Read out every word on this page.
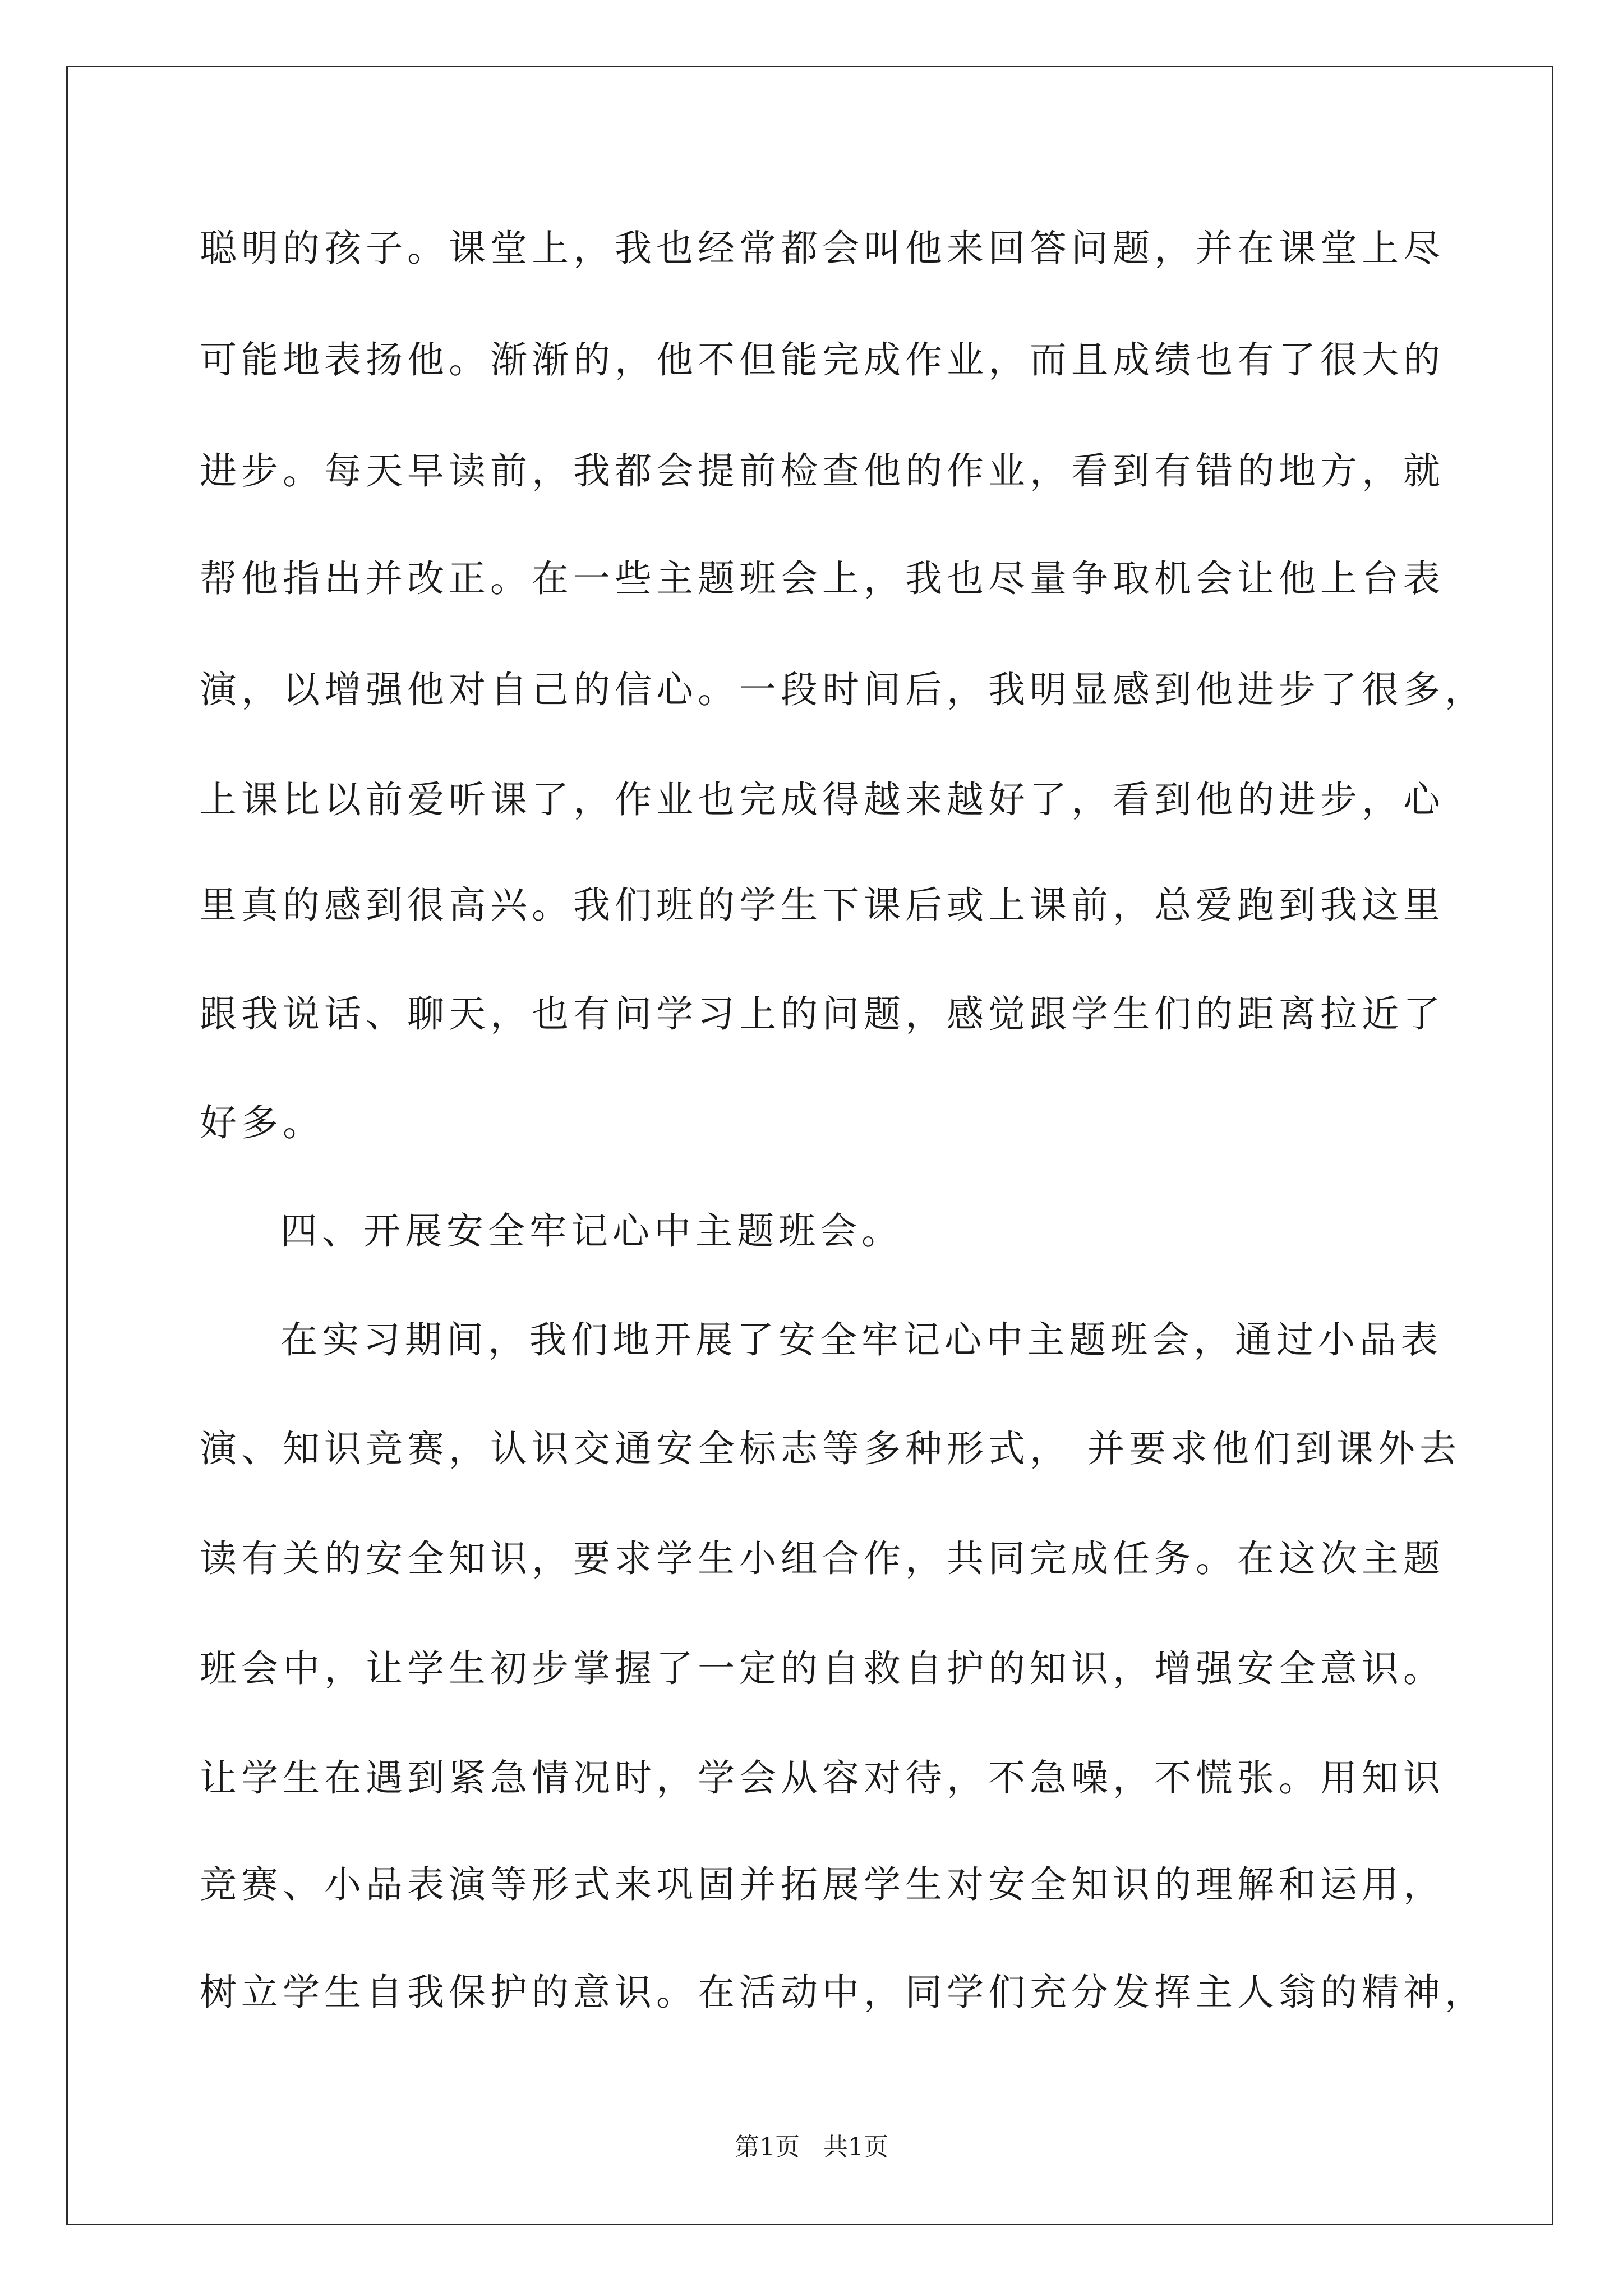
聪明的孩子。课堂上，我也经常都会叫他来回答问题，并在课堂上尽
可能地表扬他。渐渐的，他不但能完成作业，而且成绩也有了很大的
进步。每天早读前，我都会提前检查他的作业，看到有错的地方，就
帮他指出并改正。在一些主题班会上，我也尽量争取机会让他上台表
演，以增强他对自己的信心。一段时间后，我明显感到他进步了很多，
上课比以前爱听课了，作业也完成得越来越好了，看到他的进步，心
里真的感到很高兴。我们班的学生下课后或上课前，总爱跑到我这里
跟我说话、聊天，也有问学习上的问题，感觉跟学生们的距离拉近了
好多。
四、开展安全牢记心中主题班会。
在实习期间，我们地开展了安全牢记心中主题班会，通过小品表
演、知识竞赛，认识交通安全标志等多种形式， 并要求他们到课外去
读有关的安全知识，要求学生小组合作，共同完成任务。在这次主题
班会中，让学生初步掌握了一定的自救自护的知识，增强安全意识。
让学生在遇到紧急情况时，学会从容对待，不急噪，不慌张。用知识
竞赛、小品表演等形式来巩固并拓展学生对安全知识的理解和运用，
树立学生自我保护的意识。在活动中，同学们充分发挥主人翁的精神，
第1页   共1页
